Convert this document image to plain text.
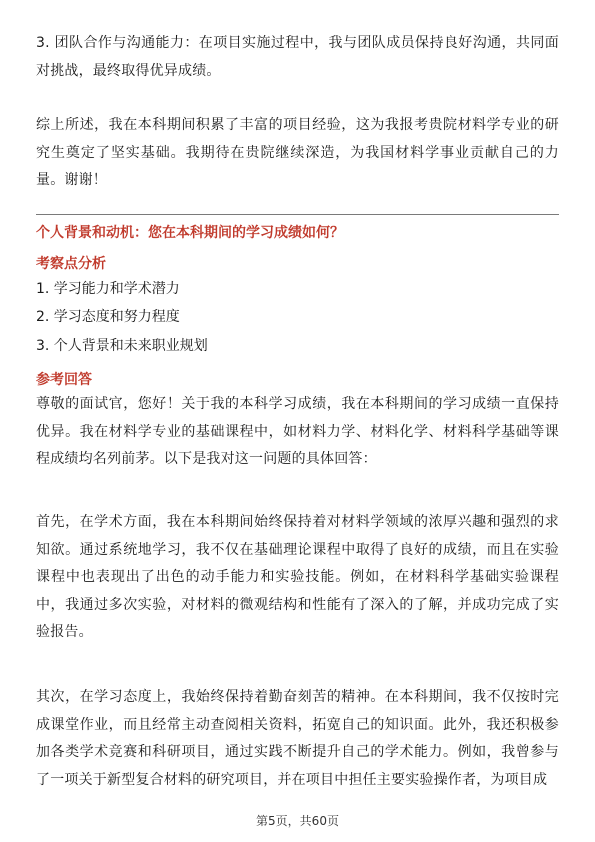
3. 团队合作与沟通能力：在项目实施过程中，我与团队成员保持良好沟通，共同面对挑战，最终取得优异成绩。

综上所述，我在本科期间积累了丰富的项目经验，这为我报考贵院材料学专业的研究生奠定了坚实基础。我期待在贵院继续深造，为我国材料学事业贡献自己的力量。谢谢！

个人背景和动机：您在本科期间的学习成绩如何？

考察点分析

1. 学习能力和学术潜力

2. 学习态度和努力程度

3. 个人背景和未来职业规划

参考回答

尊敬的面试官，您好！关于我的本科学习成绩，我在本科期间的学习成绩一直保持优异。我在材料学专业的基础课程中，如材料力学、材料化学、材料科学基础等课程成绩均名列前茅。以下是我对这一问题的具体回答：

首先，在学术方面，我在本科期间始终保持着对材料学领域的浓厚兴趣和强烈的求知欲。通过系统地学习，我不仅在基础理论课程中取得了良好的成绩，而且在实验课程中也表现出了出色的动手能力和实验技能。例如，在材料科学基础实验课程中，我通过多次实验，对材料的微观结构和性能有了深入的了解，并成功完成了实验报告。

其次，在学习态度上，我始终保持着勤奋刻苦的精神。在本科期间，我不仅按时完成课堂作业，而且经常主动查阅相关资料，拓宽自己的知识面。此外，我还积极参加各类学术竞赛和科研项目，通过实践不断提升自己的学术能力。例如，我曾参与了一项关于新型复合材料的研究项目，并在项目中担任主要实验操作者，为项目成

第5页，共60页
